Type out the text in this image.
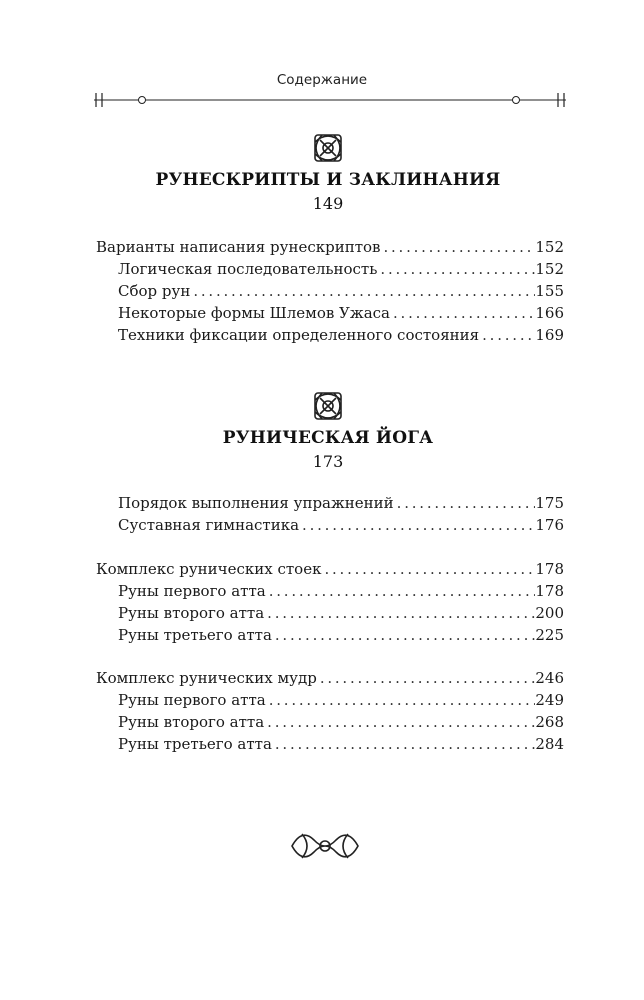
Содержание
РУНЕСКРИПТЫ И ЗАКЛИНАНИЯ
149
Варианты написания рунескриптов . . .	152
Логическая последовательность . . .	152
Сбор рун . . .	155
Некоторые формы Шлемов Ужаса . . .	166
Техники фиксации определенного состояния . . .	169
РУНИЧЕСКАЯ ЙОГА
173
Порядок выполнения упражнений . . .	175
Суставная гимнастика . . .	176
Комплекс рунических стоек . . .	178
Руны первого атта . . .	178
Руны второго атта . . .	200
Руны третьего атта . . .	225
Комплекс рунических мудр . . .	246
Руны первого атта . . .	249
Руны второго атта . . .	268
Руны третьего атта . . .	284
